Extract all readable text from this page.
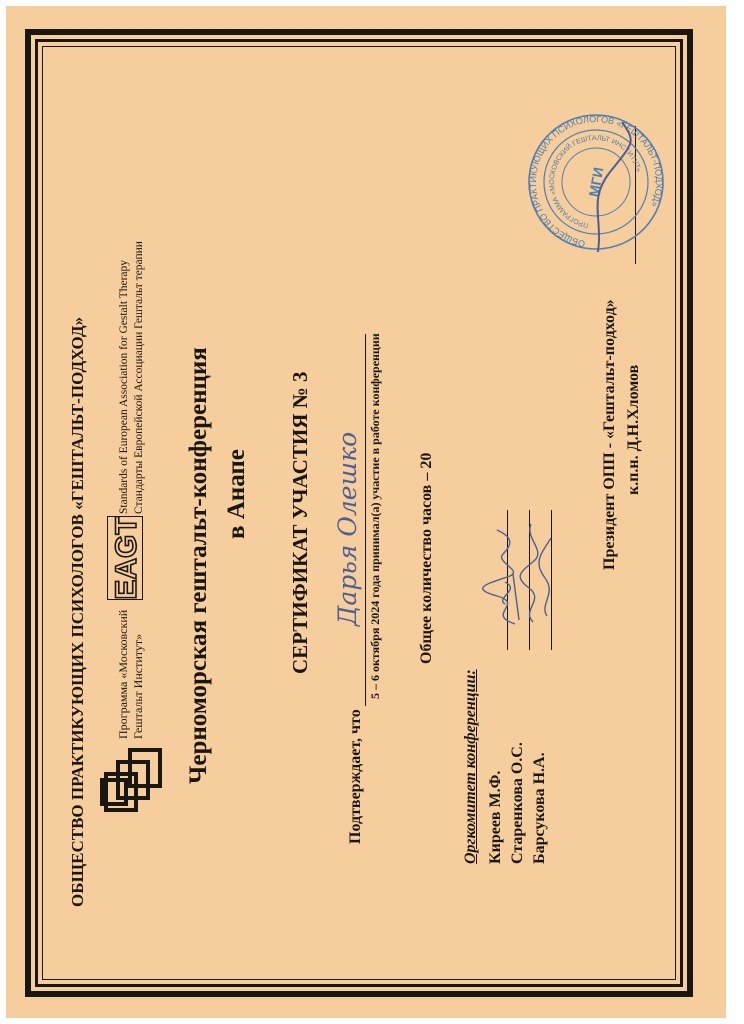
ОБЩЕСТВО ПРАКТИКУЮЩИХ ПСИХОЛОГОВ «ГЕШТАЛЬТ-ПОДХОД» Программа «Московский Гештальт Институт»
EAGT
Standards of European Association for Gestalt Therapy Стандарты Европейской Ассоциации Гештальт терапии Черноморская гештальт-конференция в Анапе СЕРТИФИКАТ УЧАСТИЯ № 3
Подтверждает, что
Дарья Олешко 5 – 6 октября 2024 года принимал(а) участие в работе конференции Общее количество часов – 20
Оргкомитет конференции: Киреев М.Ф. Старенкова О.С. Барсукова Н.А.
Президент ОПП - «Гештальт-подход» к.п.н. Д.Н.Хломов
ОБЩЕСТВО ПРАКТИКУЮЩИХ ПСИХОЛОГОВ «ГЕШТАЛЬТ-ПОДХОД»
ПРОГРАММА «МОСКОВСКИЙ ГЕШТАЛЬТ ИНСТИТУТ»
МГИ
